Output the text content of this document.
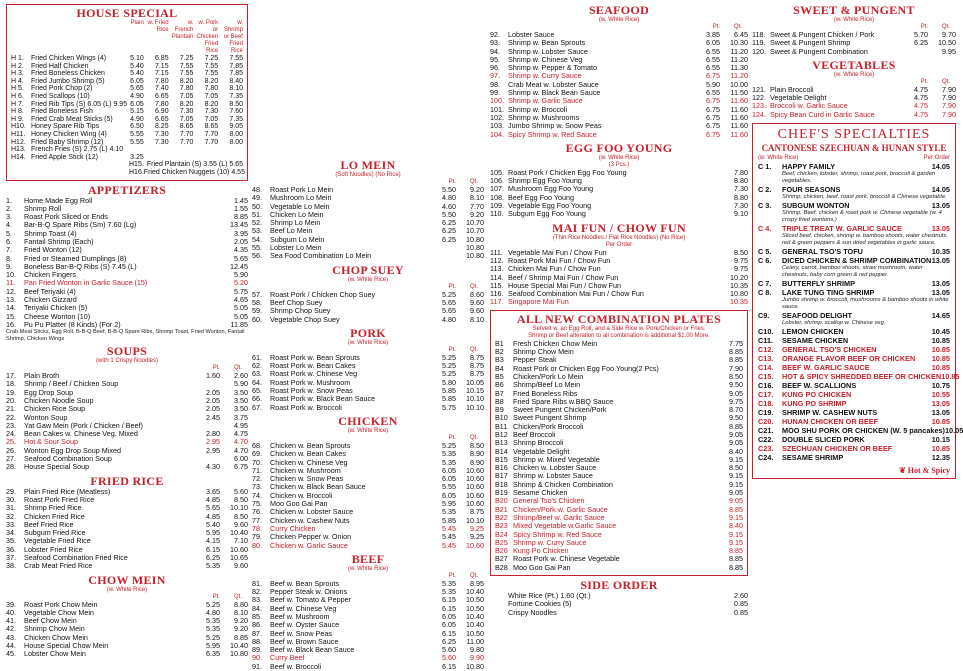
HOUSE SPECIAL
Plain w. Fried Rice
w. French Plantain
w. Pork or Chicken Fried Rice
w. Shrimp or Beef Fried Rice
H 1.	Fried Chicken Wings (4)	5.10	6.85	7.25	7.25	7.55
H 2.	Fried Half Chicken	5.40	7.15	7.55	7.55	7.85
H 3.	Fried Boneless Chicken	5.40	7.15	7.55	7.55	7.85
H 4.	Fried Jumbo Shrimp (5)	6.05	7.80	8.20	8.20	8.40
H 5.	Fried Pork Chop (2)	5.65	7.40	7.80	7.80	8.10
H 6.	Fried Scallops (10)	4.90	6.65	7.05	7.05	7.35
H 7.	Fried Rib Tips (S) 6.05 (L) 9.95 6.05	7.80	8.20	8.20	8.50
H 8.	Fried Boneless Fish	5.15	6.90	7.30	7.30	7.60
H 9.	Fried Crab Meat Sticks (5)	4.90	6.65	7.05	7.05	7.35
H10. Honey Spare Rib Tips	6.50	8.25	8.65	8.65	9.05
H11. Honey Chicken Wing (4)	5.55	7.30	7.70	7.70	8.00
H12. Fried Baby Shrimp (12)	5.55	7.30	7.70	7.70	8.00
H13. French Fries (S) 2.75 (L) 4.10
H14. Fried Apple Stick (12)	3.25
H15. Fried Plantain (S) 3.55 (L) 5.65
H16. Fried Chicken Nuggets (10) 4.55
APPETIZERS
1.	Home Made Egg Roll	1.45
2.	Shrimp Roll	1.55
3.	Roast Pork Sliced or Ends	8.85
4.	Bar-B-Q Spare Ribs (Sm) 7.60 (Lg)	13.45
5.	Shrimp Toast (4)	3.95
6.	Fantail Shrimp (Each)	2.05
7.	Fried Wonton (12)	4.35
8.	Fried or Steamed Dumplings (8)	5.65
9.	Boneless Bar-B-Q Ribs (S) 7.45 (L)	12.45
10.	Chicken Fingers	5.90
11.	Pan Fried Wonton in Garlic Sauce (15)	5.20
12.	Beef Teriyaki (4)	5.75
13.	Chicken Gizzard	4.65
14.	Teriyaki Chicken (5)	5.05
15.	Cheese Wonton (10)	5.05
16.	Pu Pu Platter (8 Kinds) (For 2)	11.85
Crab Meat Sticks, Egg Roll, B-B-Q Beef, B-B-Q Spare Ribs, Shrimp Toast, Fried Wonton, Fantail Shrimp, Chicken Wings
SOUPS
(with 1 Crispy Noodles)
Pt. Qt.
17.	Plain Broth	1.60	2.60
18.	Shrimp / Beef / Chicken Soup	5.90
19.	Egg Drop Soup	2.05	3.50
20.	Chicken Noodle Soup	2.05	3.50
21.	Chicken Rice Soup	2.05	3.50
22.	Wonton Soup	2.45	3.75
23.	Yat Gaw Mein (Pork / Chicken / Beef)	4.95
24.	Bean Cakes w. Chinese Veg. Mixed	2.80	4.75
25.	Hot & Sour Soup	2.95	4.70
26.	Wonton Egg Drop Soup Mixed	2.95	4.70
27.	Seafood Combination Soup	6.00
28.	House Special Soup	4.30	6.75
FRIED RICE
29.	Plain Fried Rice (Meatless)	3.65	5.60
30.	Roast Pork Fried Rice	4.85	8.50
31.	Shrimp Fried Rice	5.65	10.10
32.	Chicken Fried Rice	4.85	8.50
33.	Beef Fried Rice	5.40	9.60
34.	Subgum Fried Rice	5.95	10.40
35.	Vegetable Fried Rice	4.15	7.10
36.	Lobster Fried Rice	6.15	10.60
37.	Seafood Combination Fried Rice	6.25	10.65
38.	Crab Meat Fried Rice	5.35	9.60
CHOW MEIN
(w. White Rice)
Pt. Qt.
39.	Roast Pork Chow Mein	5.25	8.80
40.	Vegetable Chow Mein	4.80	8.10
41.	Beef Chow Mein	5.35	9.20
42.	Shrimp Chow Mein	5.35	9.20
43.	Chicken Chow Mein	5.25	8.85
44.	House Special Chow Mein	5.95	10.40
45.	Lobster Chow Mein	6.35	10.80
LO MEIN
(Soft Noodles) (No Rice)
Pt. Qt.
48.	Roast Pork Lo Mein	5.50	9.20
49.	Mushroom Lo Mein	4.80	8.10
50.	Vegetable Lo Mein	4.60	7.70
51.	Chicken Lo Mein	5.50	9.20
52.	Shrimp Lo Mein	6.25	10.70
53.	Beef Lo Mein	6.25	10.70
54.	Subgum Lo Mein	6.25	10.80
55.	Lobster Lo Mein	10.80
56.	Sea Food Combination Lo Mein	10.80
CHOP SUEY
(w. White Rice)
Pt. Qt.
57.	Roast Pork / Chicken Chop Suey	5.25	8.60
58.	Beef Chop Suey	5.65	9.60
59.	Shrimp Chop Suey	5.65	9.60
60.	Vegetable Chop Suey	4.80	8.10
PORK
(w. White Rice)
Pt. Qt.
61.	Roast Pork w. Bean Sprouts	5.25	8.75
62.	Roast Pork w. Bean Cakes	5.25	8.75
63.	Roast Pork w. Chinese Veg	5.25	8.75
64.	Roast Pork w. Mushroom	5.80	10.05
65.	Roast Pork w. Snow Peas	5.85	10.15
66.	Roast Pork w. Black Bean Sauce	5.85	10.10
67.	Roast Pork w. Broccoli	5.75	10.10
CHICKEN
(w. White Rice)
Pt. Qt.
68.	Chicken w. Bean Sprouts	5.25	8.50
69.	Chicken w. Bean Cakes	5.35	8.90
70.	Chicken w. Chinese Veg	5.35	8.90
71.	Chicken w. Mushroom	6.05	10.60
72.	Chicken w. Snow Peas	6.05	10.60
73.	Chicken w. Black Bean Sauce	5.55	10.60
74.	Chicken w. Broccoli	6.05	10.60
75.	Moo Goo Gai Pan	5.95	10.60
76.	Chicken w. Lobster Sauce	5.35	8.75
77.	Chicken w. Cashew Nuts	5.85	10.10
78.	Curry Chicken	5.45	9.25
79.	Chicken Pepper w. Onion	5.45	9.25
80.	Chicken w. Garlic Sauce	5.45	10.60
BEEF
(w. White Rice)
Pt. Qt.
81.	Beef w. Bean Sprouts	5.35	8.95
82.	Pepper Steak w. Onions	5.35	10.40
83.	Beef w. Tomato & Pepper	6.15	10.50
84.	Beef w. Chinese Veg	6.15	10.50
85.	Beef w. Mushroom	6.05	10.40
86.	Beef w. Oyster Sauce	6.05	10.40
87.	Beef w. Snow Peas	6.15	10.50
88.	Beef w. Brown Sauce	6.25	11.00
89.	Beef w. Black Bean Sauce	5.60	9.80
90.	Curry Beef	5.60	9.90
91.	Beef w. Broccoli	6.15	10.80
SEAFOOD
(w. White Rice)
Pt. Qt.
92.	Lobster Sauce	3.85	6.45
93.	Shrimp w. Bean Sprouts	6.05	10.30
94.	Shrimp w. Lobster Sauce	6.55	11.20
95.	Shrimp w. Chinese Veg	6.55	11.20
96.	Shrimp w. Pepper & Tomato	6.55	11.30
97.	Shrimp w. Curry Sauce	6.75	11.20
98.	Crab Meat w. Lobster Sauce	5.90	10.00
99.	Shrimp w. Black Bean Sauce	6.55	11.50
100. Shrimp w. Garlic Sauce	6.75	11.60
101. Shrimp w. Broccoli	6.75	11.60
102. Shrimp w. Mushrooms	6.75	11.60
103. Jumbo Shrimp w. Snow Peas	6.75	11.60
104. Spicy Shrimp w. Red Sauce	6.75	11.60
EGG FOO YOUNG
(w. White Rice)
(3 Pcs.)
105. Roast Pork / Chicken Egg Foo Young	7.80
106. Shrimp Egg Foo Young	8.80
107. Mushroom Egg Foo Young	7.30
108. Beef Egg Foo Young	8.80
109. Vegetable Egg Foo Young	7.30
110. Subgum Egg Foo Young	9.10
MAI FUN / CHOW FUN
(Thin Rice Noodles / Flat Rice Noodles) (No Rice)
Per Order
111. Vegetable Mai Fun / Chow Fun	8.50
112. Roast Pork Mai Fun / Chow Fun	9.75
113. Chicken Mai Fun / Chow Fun	9.75
114. Beef / Shrimp Mai Fun / Chow Fun	10.20
115. House Special Mai Fun / Chow Fun	10.35
116. Seafood Combination Mai Fun / Chow Fun	10.80
117. Singapore Mai Fun	10.35
ALL NEW COMBINATION PLATES
Served w. an Egg Roll, and a Side Rice w. Pork/Chicken or Fries.
Shrimp or Beef alteration to all combination is additional $1.00 More.
B1	Fresh Chicken Chow Mein	7.75
B2	Shrimp Chow Mein	8.85
B3	Pepper Steak	8.85
B4	Roast Pork or Chicken Egg Foo Young(2 Pcs)	7.90
B5	Chicken/Pork Lo Mein	8.50
B6	Shrimp/Beef Lo Mein	9.50
B7	Fried Boneless Ribs	9.05
B8	Fried Spare Ribs w.BBQ Sauce	9.75
B9	Sweet Pungent Chicken/Pork	8.70
B10 Sweet Pungent Shrimp	9.50
B11 Chicken/Pork Broccoli	8.85
B12 Beef Broccoli	9.05
B13 Shrimp Broccoli	9.05
B14 Vegetable Delight	8.40
B15 Shrimp w. Mixed Vegetable	9.15
B16 Chicken w. Lobster Sauce	8.50
B17 Shrimp w. Lobster Sauce	9.15
B18 Shrimp & Chicken Combination	9.15
B19 Sesame Chicken	9.05
B20 General Tso's Chicken	9.05
B21 Chicken/Pork w. Garlic Sauce	8.85
B22 Shrimp/Beef w. Garlic Sauce	9.15
B23 Mixed Vegetable w.Garlic Sauce	8.40
B24 Spicy Shrimp w. Red Sauce	9.15
B25 Shrimp w. Curry Sauce	9.15
B26 Kung Po Chicken	8.85
B27 Roast Pork w. Chinese Vegetable	8.85
B28 Moo Goo Gai Pan	8.85
SIDE ORDER
White Rice (Pt.) 1.60 (Qt.)	2.60
Fortune Cookies (5)	0.85
Crispy Noodles	0.85
SWEET & PUNGENT
(w. White Rice)
Pt. Qt.
118. Sweet & Pungent Chicken / Pork	5.70	9.70
119. Sweet & Pungent Shrimp	6.25	10.50
120. Sweet & Pungent Combination	9.95
VEGETABLES
(w. White Rice)
Pt. Qt.
121. Plain Broccoli	4.75	7.90
122. Vegetable Delight	4.75	7.90
123. Broccoli w. Garlic Sauce	4.75	7.90
124. Spicy Bean Curd in Garlic Sauce	4.75	7.90
CHEF'S SPECIALTIES
CANTONESE SZECHUAN & HUNAN STYLE
(w. White Rice)	Per Order
C 1.	HAPPY FAMILY	14.05
Beef, chicken, lobster, shrimp, roast pork, broccoli & garden vegetables.
C 2.	FOUR SEASONS	14.05
Shrimp, chicken, beef, roast pork, broccoli & Chinese vegetable.
C 3.	SUBGUM WONTON	13.05
Shrimp, Beef, chicken & roast pork w. Chinese vegetable (w. 4 crispy fried wontons.)
C 4.	TRIPLE TREAT W. GARLIC SAUCE	13.05
Sliced beef, chicken, shrimp w. bamboo shoots, water chestnuts, red & green peppers & sun dried vegetables in garlic sauce.
C 5.	GENERAL TSO'S TOFU	10.35
C 6.	DICED CHICKEN & SHRIMP COMBINATION 13.05
Celery, carrot, bamboo shoots, straw mushroom, water chestnuts, baby corn green & red pepper.
C 7.	BUTTERFLY SHRIMP	13.05
C 8.	LAKE TUNG TING SHRIMP	13.05
Jumbo shrimp w. broccoli, mushrooms & bamboo shoots in white sauce.
C9.	SEAFOOD DELIGHT	14.65
Lobster, shrimp, scallop w. Chinese veg.
C10.	LEMON CHICKEN	10.45
C11.	SESAME CHICKEN	10.85
C12.	GENERAL TSO'S CHICKEN	10.85
C13.	ORANGE FLAVOR BEEF OR CHICKEN	10.85
C14.	BEEF W. GARLIC SAUCE	10.85
C15.	HOT & SPICY SHREDDED BEEF OR CHICKEN 10.85
C16.	BEEF W. SCALLIONS	10.75
C17.	KUNG PO CHICKEN	10.55
C18.	KUNG PO SHRIMP	13.05
C19.	SHRIMP W. CASHEW NUTS	13.05
C20.	HUNAN CHICKEN OR BEEF	10.85
C21.	MOO SHU PORK OR CHICKEN (W. 5 pancakes) 10.05
C22.	DOUBLE SLICED PORK	10.15
C23.	SZECHUAN CHICKEN OR BEEF	10.85
C24.	SESAME SHRIMP	12.35
❦ Hot & Spicy
